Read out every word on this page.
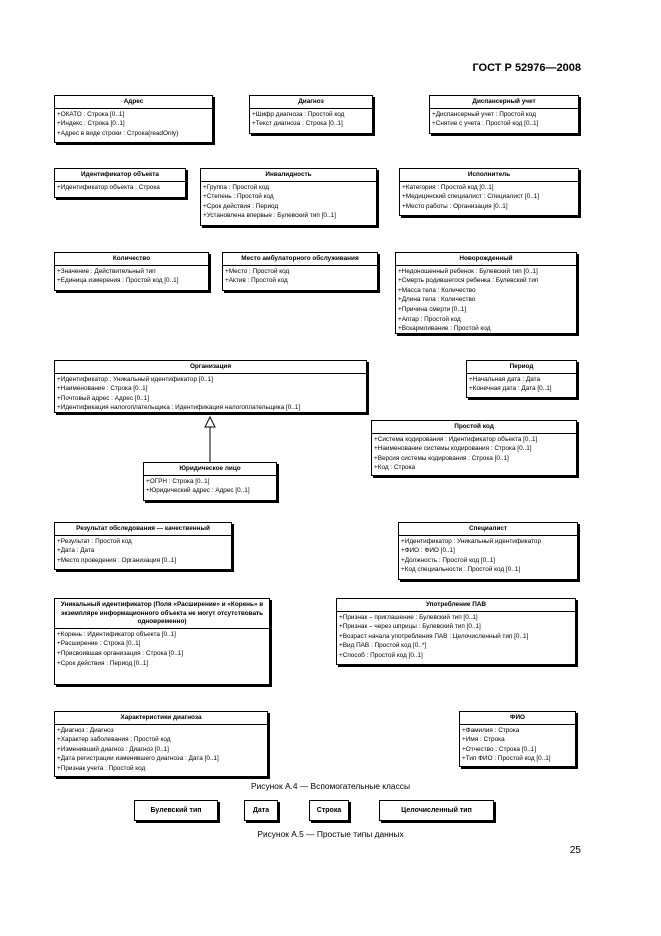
ГОСТ Р 52976—2008
Адрес
+ОКАТО : Строка [0..1]
+Индекс : Строка [0..1]
+Адрес в виде строки : Строка{readOnly}
Диагноз
+Шифр диагноза : Простой код
+Текст диагноза : Строка [0..1]
Диспансерный учет
+Диспансерный учет : Простой код
+Снятие с учета : Простой код [0..1]
Идентификатор объекта
+Идентификатор объекта : Строка
Инвалидность
+Группа : Простой код
+Степень : Простой код
+Срок действия : Период
+Установлена впервые : Булевский тип [0..1]
Исполнитель
+Категория : Простой код [0..1]
+Медицинский специалист : Специалист [0..1]
+Место работы : Организация [0..1]
Количество
+Значение : Действительный тип
+Единица измерения : Простой код [0..1]
Место амбулаторного обслуживания
+Место : Простой код
+Актив : Простой код
Новорожденный
+Недоношенный ребенок : Булевский тип [0..1]
+Смерть родившегося ребенка : Булевский тип
+Масса тела : Количество
+Длина тела : Количество
+Причина смерти [0..1]
+Апгар : Простой код
+Вскармливание : Простой код
Организация
+Идентификатор : Уникальный идентификатор [0..1]
+Наименование : Строка [0..1]
+Почтовый адрес : Адрес [0..1]
+Идентификация налогоплательщика : Идентификация налогоплательщика [0..1]
Период
+Начальная дата : Дата
+Конечная дата : Дата [0..1]
Простой код
+Система кодирования : Идентификатор объекта [0..1]
+Наименование системы кодирования : Строка [0..1]
+Версия системы кодирования : Строка [0..1]
+Код : Строка
Юридическое лицо
+ОГРН : Строка [0..1]
+Юридический адрес : Адрес [0..1]
Результат обследования — качественный
+Результат : Простой код
+Дата : Дата
+Место проведения : Организация [0..1]
Специалист
+Идентификатор : Уникальный идентификатор
+ФИО : ФИО [0..1]
+Должность : Простой код [0..1]
+Код специальности : Простой код [0..1]
Уникальный идентификатор (Поля «Расширение» и «Корень» в экземпляре информационного объекта не могут отсутствовать одновременно)
+Корень : Идентификатор объекта [0..1]
+Расширение : Строка [0..1]
+Присвоившая организация : Строка [0..1]
+Срок действия : Период [0..1]
Употребление ПАВ
+Признак – приглашение : Булевский тип [0..1]
+Признак – через шприцы : Булевский тип [0..1]
+Возраст начала употребления ПАВ : Целочисленный тип [0..1]
+Вид ПАВ : Простой код [0..*]
+Способ : Простой код [0..1]
Характеристики диагноза
+Диагноз : Диагноз
+Характер заболевания : Простой код
+Изменивший диагноз : Диагноз [0..1]
+Дата регистрации изменившего диагноза : Дата [0..1]
+Признак учета : Простой код
ФИО
+Фамилия : Строка
+Имя : Строка
+Отчество : Строка [0..1]
+Тип ФИО : Простой код [0..1]
Рисунок А.4 — Вспомогательные классы
Булевский тип	Дата	Строка	Целочисленный тип
Рисунок А.5 — Простые типы данных
25
